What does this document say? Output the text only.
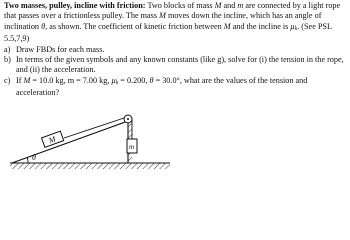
Two masses, pulley, incline with friction: Two blocks of mass M and m are connected by a light rope that passes over a frictionless pulley. The mass M moves down the incline, which has an angle of inclination θ, as shown. The coefficient of kinetic friction between M and the incline is μk. (See PSL 5.5,7,9)

a) Draw FBDs for each mass.

b) In terms of the given symbols and any known constants (like g), solve for (i) the tension in the rope, and (ii) the acceleration.

c) If M = 10.0 kg, m = 7.00 kg, μk = 0.200, θ = 30.0°, what are the values of the tension and acceleration?

θ
M
m
